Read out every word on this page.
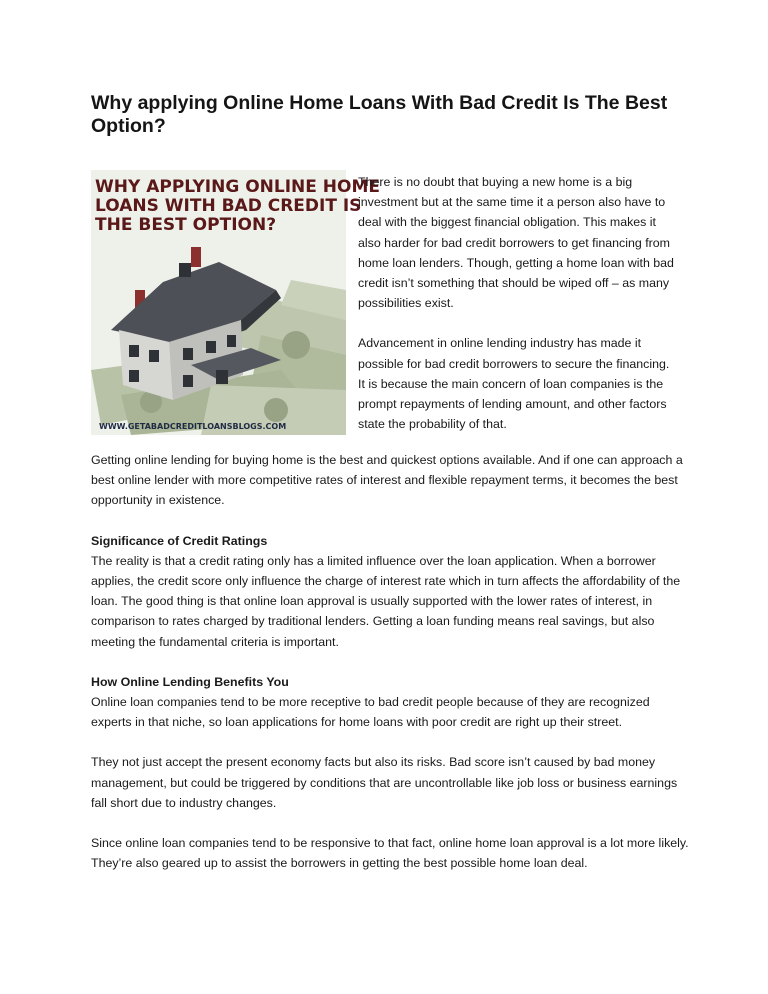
Why applying Online Home Loans With Bad Credit Is The Best Option?
WHY APPLYING ONLINE HOME
LOANS WITH BAD CREDIT IS
THE BEST OPTION?
WWW.GETABADCREDITLOANSBLOGS.COM

There is no doubt that buying a new home is a big investment but at the same time it a person also have to deal with the biggest financial obligation. This makes it also harder for bad credit borrowers to get financing from home loan lenders. Though, getting a home loan with bad credit isn’t something that should be wiped off – as many possibilities exist.

Advancement in online lending industry has made it possible for bad credit borrowers to secure the financing. It is because the main concern of loan companies is the prompt repayments of lending amount, and other factors state the probability of that.

Getting online lending for buying home is the best and quickest options available. And if one can approach a best online lender with more competitive rates of interest and flexible repayment terms, it becomes the best opportunity in existence.

Significance of Credit Ratings

The reality is that a credit rating only has a limited influence over the loan application. When a borrower applies, the credit score only influence the charge of interest rate which in turn affects the affordability of the loan. The good thing is that online loan approval is usually supported with the lower rates of interest, in comparison to rates charged by traditional lenders. Getting a loan funding means real savings, but also meeting the fundamental criteria is important.

How Online Lending Benefits You

Online loan companies tend to be more receptive to bad credit people because of they are recognized experts in that niche, so loan applications for home loans with poor credit are right up their street.

They not just accept the present economy facts but also its risks. Bad score isn’t caused by bad money management, but could be triggered by conditions that are uncontrollable like job loss or business earnings fall short due to industry changes.

Since online loan companies tend to be responsive to that fact, online home loan approval is a lot more likely. They’re also geared up to assist the borrowers in getting the best possible home loan deal.
